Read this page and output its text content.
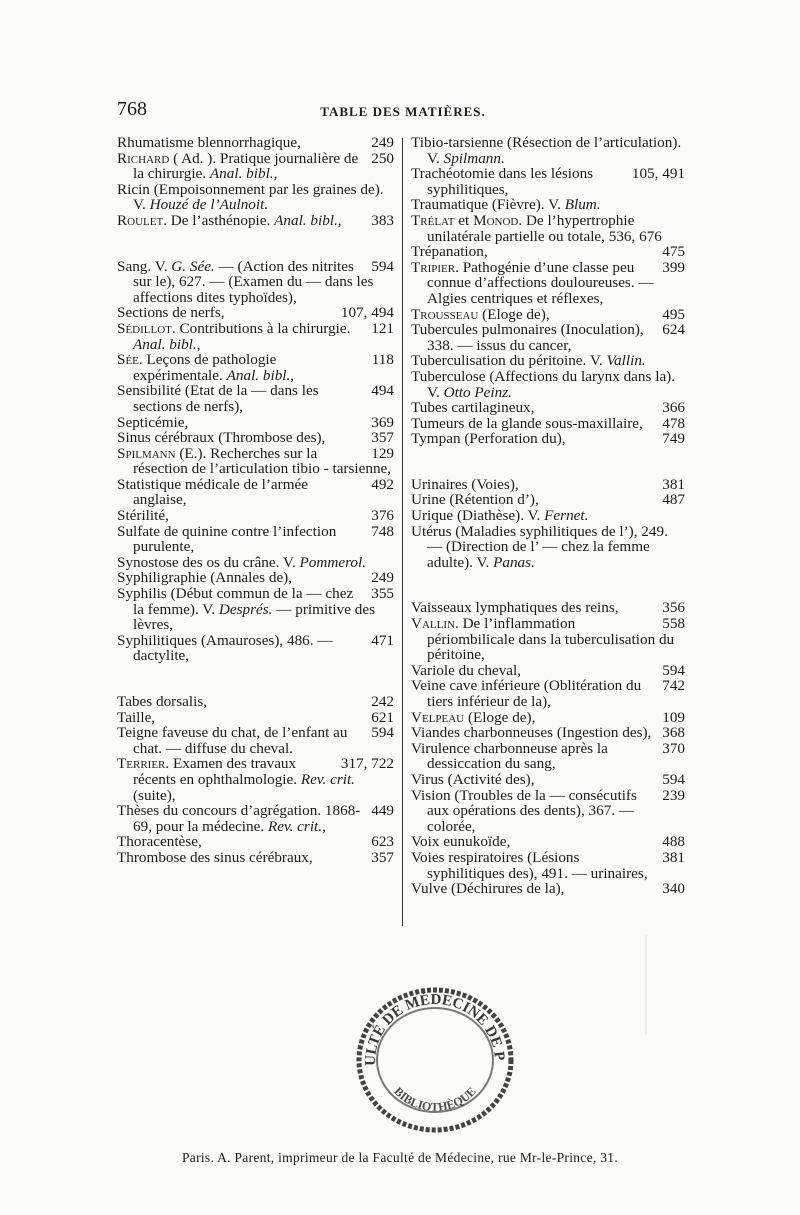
768	TABLE DES MATIÈRES.
249
Rhumatisme blennorrhagique,
250
Richard ( Ad. ). Pratique journalière de la chirurgie. Anal. bibl.,
Ricin (Empoisonnement par les graines de). V. Houzé de l’Aulnoit.
383
Roulet. De l’asthénopie. Anal. bibl.,
594
Sang. V. G. Sée. — (Action des nitrites sur le), 627. — (Examen du — dans les affections dites typhoïdes),
107, 494
Sections de nerfs,
121
Sédillot. Contributions à la chirurgie. Anal. bibl.,
118
Sée. Leçons de pathologie expérimentale. Anal. bibl.,
494
Sensibilité (Etat de la — dans les sections de nerfs),
369
Septicémie,
357
Sinus cérébraux (Thrombose des),
129
Spilmann (E.). Recherches sur la résection de l’articulation tibio - tarsienne,
492
Statistique médicale de l’armée anglaise,
376
Stérilité,
748
Sulfate de quinine contre l’infection purulente,
Synostose des os du crâne. V. Pommerol.
249
Syphiligraphie (Annales de),
355
Syphilis (Début commun de la — chez la femme). V. Després. — primitive des lèvres,
471
Syphilitiques (Amauroses), 486. — dactylite,
242
Tabes dorsalis,
621
Taille,
594
Teigne faveuse du chat, de l’enfant au chat. — diffuse du cheval.
317, 722
Terrier. Examen des travaux récents en ophthalmologie. Rev. crit. (suite),
449
Thèses du concours d’agrégation. 1868-69, pour la médecine. Rev. crit.,
623
Thoracentèse,
357
Thrombose des sinus cérébraux,
Tibio-tarsienne (Résection de l’articulation). V. Spilmann.
105, 491
Trachéotomie dans les lésions syphilitiques,
Traumatique (Fièvre). V. Blum.
Trélat et Monod. De l’hypertrophie unilatérale partielle ou totale, 536, 676
475
Trépanation,
399
Tripier. Pathogénie d’une classe peu connue d’affections douloureuses. — Algies centriques et réflexes,
495
Trousseau (Eloge de),
624
Tubercules pulmonaires (Inoculation), 338. — issus du cancer,
Tuberculisation du péritoine. V. Vallin.
Tuberculose (Affections du larynx dans la). V. Otto Peinz.
366
Tubes cartilagineux,
478
Tumeurs de la glande sous-maxillaire,
749
Tympan (Perforation du),
381
Urinaires (Voies),
487
Urine (Rétention d’),
Urique (Diathèse). V. Fernet.
Utérus (Maladies syphilitiques de l’), 249. — (Direction de l’ — chez la femme adulte). V. Panas.
356
Vaisseaux lymphatiques des reins,
558
Vallin. De l’inflammation périombilicale dans la tuberculisation du péritoine,
594
Variole du cheval,
742
Veine cave inférieure (Oblitération du tiers inférieur de la),
109
Velpeau (Eloge de),
368
Viandes charbonneuses (Ingestion des),
370
Virulence charbonneuse après la dessiccation du sang,
594
Virus (Activité des),
239
Vision (Troubles de la — consécutifs aux opérations des dents), 367. — colorée,
488
Voix eunukoïde,
381
Voies respiratoires (Lésions syphilitiques des), 491. — urinaires,
340
Vulve (Déchirures de la),
ULTÉ DE MÉDECINE DE P
BIBLIOTHÈQUE
Paris. A. Parent, imprimeur de la Faculté de Médecine, rue Mr-le-Prince, 31.
